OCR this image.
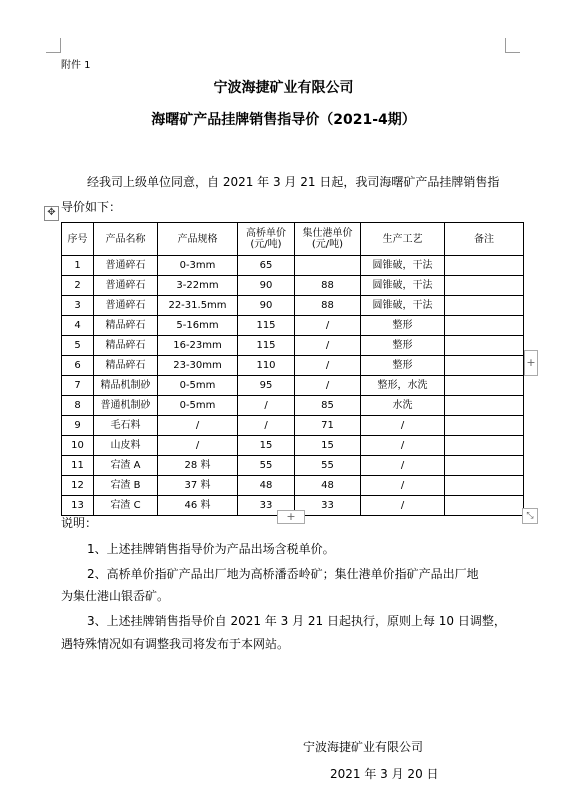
附件 1
宁波海捷矿业有限公司
海曙矿产品挂牌销售指导价（2021-4期）
经我司上级单位同意，自 2021 年 3 月 21 日起，我司海曙矿产品挂牌销售指
导价如下：
✥
序号	产品名称	产品规格	高桥单价
(元/吨)	集仕港单价
(元/吨)	生产工艺	备注
1	普通碎石	0-3mm	65		圆锥破，干法	
2	普通碎石	3-22mm	90	88	圆锥破，干法	
3	普通碎石	22-31.5mm	90	88	圆锥破，干法	
4	精品碎石	5-16mm	115	/	整形	
5	精品碎石	16-23mm	115	/	整形	
6	精品碎石	23-30mm	110	/	整形	
7	精品机制砂	0-5mm	95	/	整形，水洗	
8	普通机制砂	0-5mm	/	85	水洗	
9	毛石料	/	/	71	/	
10	山皮料	/	15	15	/	
11	宕渣 A	28 料	55	55	/	
12	宕渣 B	37 料	48	48	/	
13	宕渣 C	46 料	33	33	/	
+
+	⤡
说明：
1、上述挂牌销售指导价为产品出场含税单价。
2、高桥单价指矿产品出厂地为高桥潘岙岭矿；集仕港单价指矿产品出厂地
为集仕港山银岙矿。
3、上述挂牌销售指导价自 2021 年 3 月 21 日起执行，原则上每 10 日调整，
遇特殊情况如有调整我司将发布于本网站。
宁波海捷矿业有限公司
2021 年 3 月 20 日
